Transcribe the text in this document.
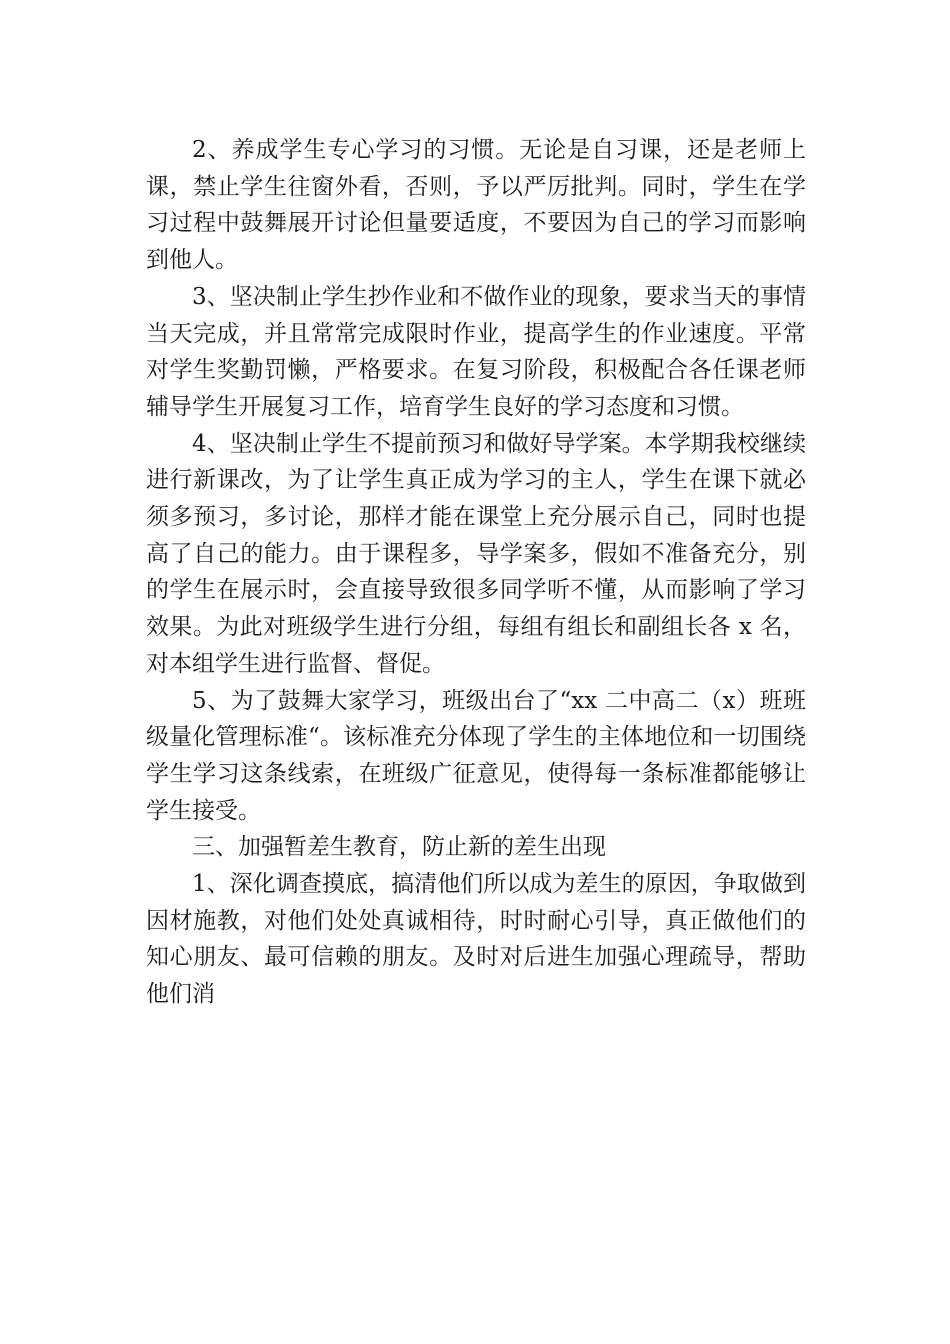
2、养成学生专心学习的习惯。无论是自习课，还是老师上课，禁止学生往窗外看，否则，予以严厉批判。同时，学生在学习过程中鼓舞展开讨论但量要适度，不要因为自己的学习而影响到他人。

3、坚决制止学生抄作业和不做作业的现象，要求当天的事情当天完成，并且常常完成限时作业，提高学生的作业速度。平常对学生奖勤罚懒，严格要求。在复习阶段，积极配合各任课老师辅导学生开展复习工作，培育学生良好的学习态度和习惯。

4、坚决制止学生不提前预习和做好导学案。本学期我校继续进行新课改，为了让学生真正成为学习的主人，学生在课下就必须多预习，多讨论，那样才能在课堂上充分展示自己，同时也提高了自己的能力。由于课程多，导学案多，假如不准备充分，别的学生在展示时，会直接导致很多同学听不懂，从而影响了学习效果。为此对班级学生进行分组，每组有组长和副组长各 x 名，对本组学生进行监督、督促。

5、为了鼓舞大家学习，班级出台了“xx 二中高二（x）班班级量化管理标准“。该标准充分体现了学生的主体地位和一切围绕学生学习这条线索，在班级广征意见，使得每一条标准都能够让学生接受。

三、加强暂差生教育，防止新的差生出现

1、深化调查摸底，搞清他们所以成为差生的原因，争取做到因材施教，对他们处处真诚相待，时时耐心引导，真正做他们的知心朋友、最可信赖的朋友。及时对后进生加强心理疏导，帮助他们消
